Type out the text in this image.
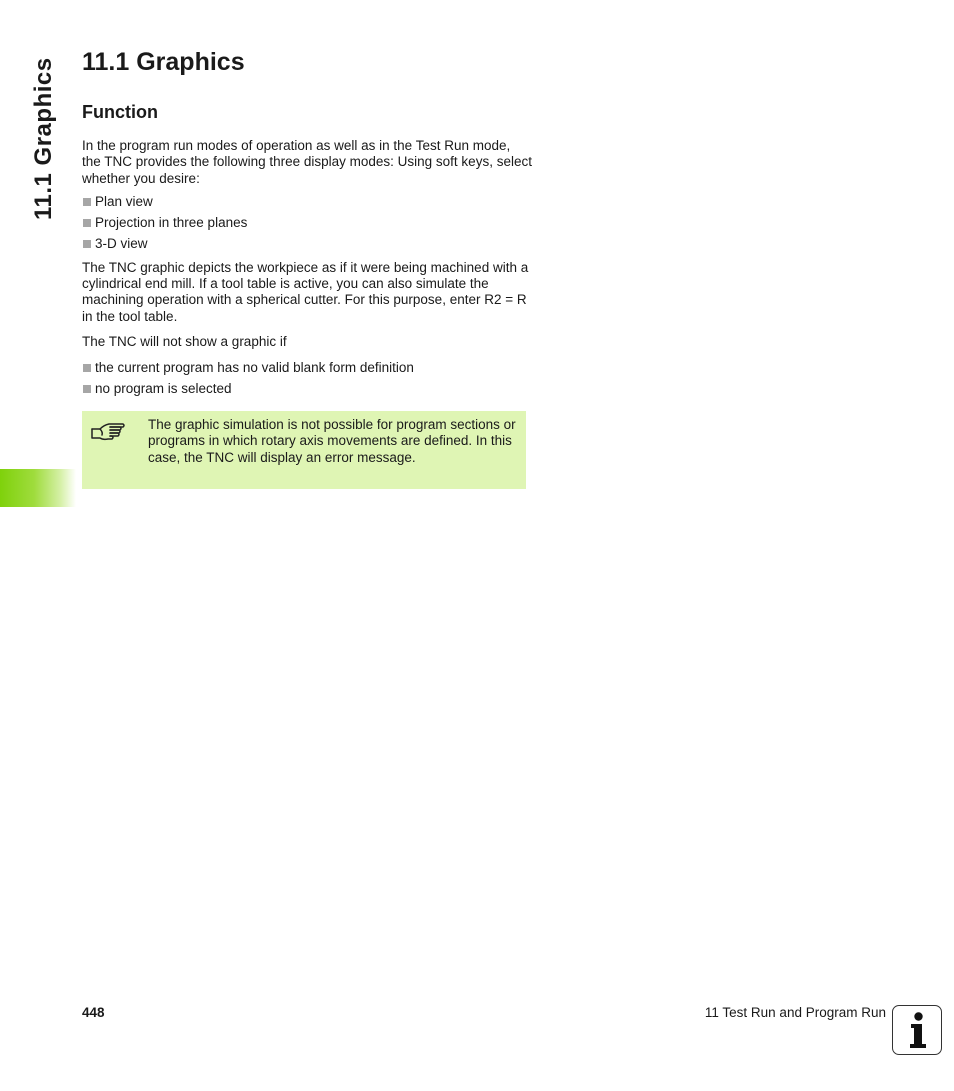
11.1 Graphics 11.1 Graphics
Function

In the program run modes of operation as well as in the Test Run mode, the TNC provides the following three display modes: Using soft keys, select whether you desire:

Plan view
Projection in three planes
3-D view

The TNC graphic depicts the workpiece as if it were being machined with a cylindrical end mill. If a tool table is active, you can also simulate the machining operation with a spherical cutter. For this purpose, enter R2 = R in the tool table.

The TNC will not show a graphic if

the current program has no valid blank form definition
no program is selected
The graphic simulation is not possible for program sections or programs in which rotary axis movements are defined. In this case, the TNC will display an error message.
448	11 Test Run and Program Run
